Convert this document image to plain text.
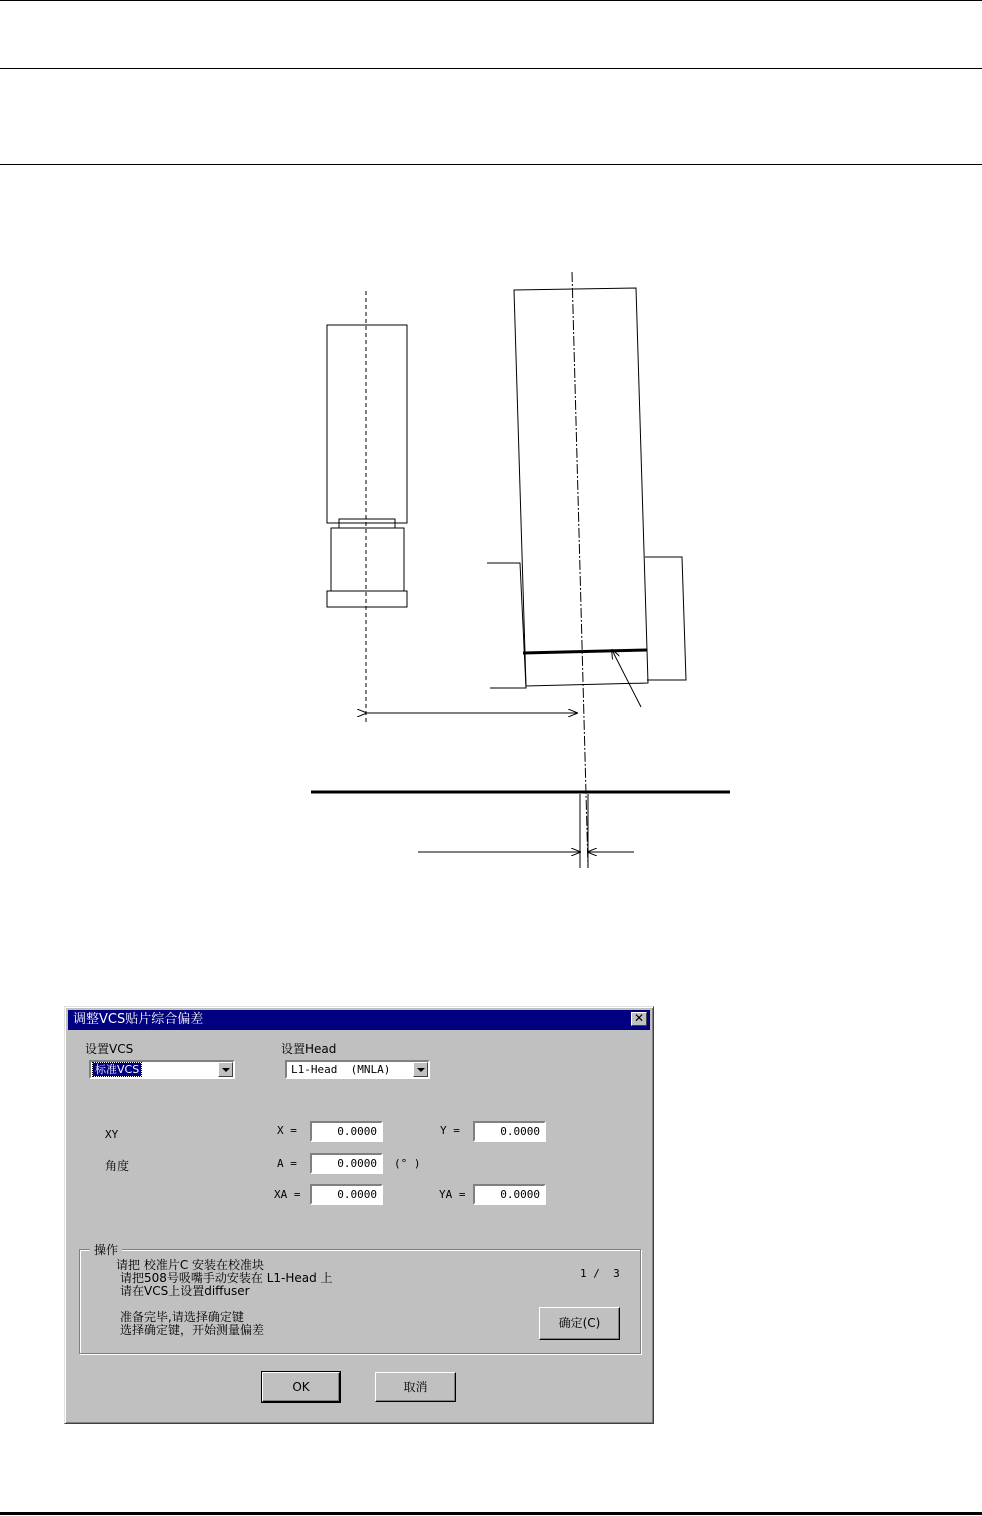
调整VCS贴片综合偏差	✕
设置VCS
标准VCS
设置Head
L1-Head  (MNLA)
XY
角度
X =	0.0000	Y =	0.0000
A =	0.0000	(° )
XA =	0.0000	YA =	0.0000
操作
请把 校准片C 安装在校准块
请把508号吸嘴手动安装在 L1-Head 上
请在VCS上设置diffuser
准备完毕,请选择确定键
选择确定键，开始测量偏差
1 /  3
确定(C)
OK	取消
